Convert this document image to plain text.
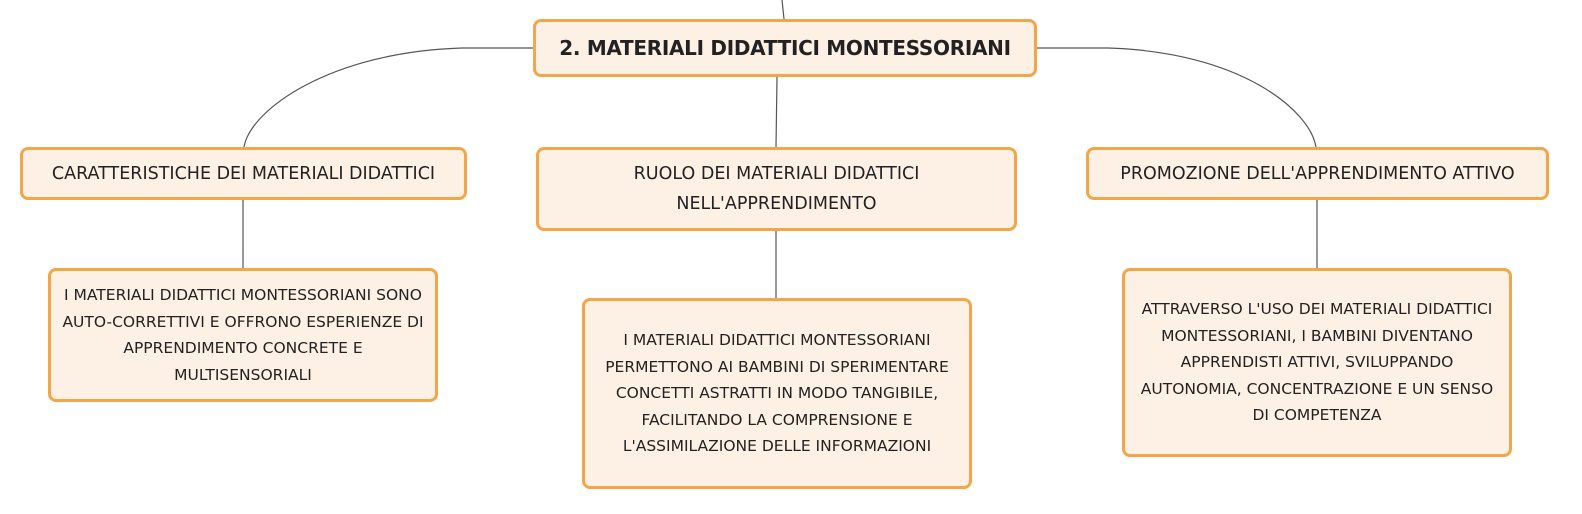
2. MATERIALI DIDATTICI MONTESSORIANI
CARATTERISTICHE DEI MATERIALI DIDATTICI	RUOLO DEI MATERIALI DIDATTICI NELL'APPRENDIMENTO
PROMOZIONE DELL'APPRENDIMENTO ATTIVO
I MATERIALI DIDATTICI MONTESSORIANI SONO AUTO-CORRETTIVI E OFFRONO ESPERIENZE DI APPRENDIMENTO CONCRETE E MULTISENSORIALI
I MATERIALI DIDATTICI MONTESSORIANI PERMETTONO AI BAMBINI DI SPERIMENTARE CONCETTI ASTRATTI IN MODO TANGIBILE, FACILITANDO LA COMPRENSIONE E L'ASSIMILAZIONE DELLE INFORMAZIONI
ATTRAVERSO L'USO DEI MATERIALI DIDATTICI MONTESSORIANI, I BAMBINI DIVENTANO APPRENDISTI ATTIVI, SVILUPPANDO AUTONOMIA, CONCENTRAZIONE E UN SENSO DI COMPETENZA
